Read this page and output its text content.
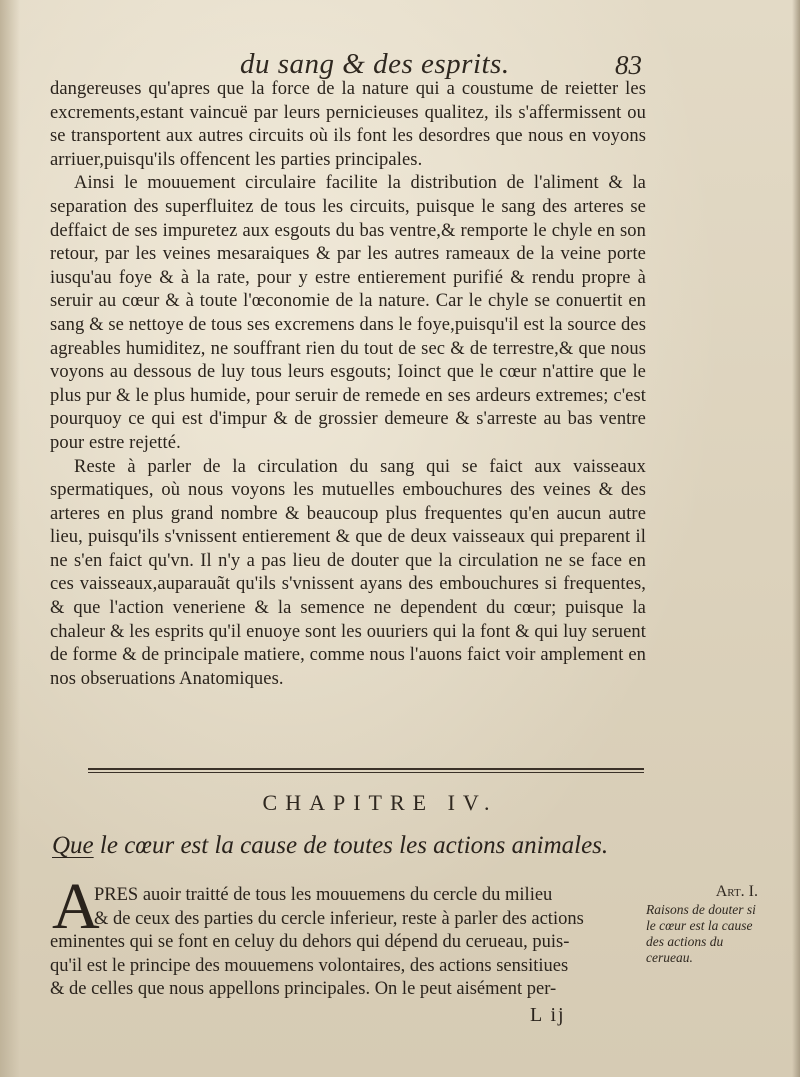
du sang & des esprits.	83

dangereuses qu'apres que la force de la nature qui a coustume de reietter les excrements,estant vaincuë par leurs pernicieuses qualitez, ils s'affermissent ou se transportent aux autres circuits où ils font les desordres que nous en voyons arriuer,puisqu'ils offencent les parties principales.

Ainsi le mouuement circulaire facilite la distribution de l'aliment & la separation des superfluitez de tous les circuits, puisque le sang des arteres se deffaict de ses impuretez aux esgouts du bas ventre,& remporte le chyle en son retour, par les veines mesaraiques & par les autres rameaux de la veine porte iusqu'au foye & à la rate, pour y estre entierement purifié & rendu propre à seruir au cœur & à toute l'œconomie de la nature. Car le chyle se conuertit en sang & se nettoye de tous ses excremens dans le foye,puisqu'il est la source des agreables humiditez, ne souffrant rien du tout de sec & de terrestre,& que nous voyons au dessous de luy tous leurs esgouts; Ioinct que le cœur n'attire que le plus pur & le plus humide, pour seruir de remede en ses ardeurs extremes; c'est pourquoy ce qui est d'impur & de grossier demeure & s'arreste au bas ventre pour estre rejetté.

Reste à parler de la circulation du sang qui se faict aux vaisseaux spermatiques, où nous voyons les mutuelles embouchures des veines & des arteres en plus grand nombre & beaucoup plus frequentes qu'en aucun autre lieu, puisqu'ils s'vnissent entierement & que de deux vaisseaux qui preparent il ne s'en faict qu'vn. Il n'y a pas lieu de douter que la circulation ne se face en ces vaisseaux,auparauãt qu'ils s'vnissent ayans des embouchures si frequentes, & que l'action veneriene & la semence ne dependent du cœur; puisque la chaleur & les esprits qu'il enuoye sont les ouuriers qui la font & qui luy seruent de forme & de principale matiere, comme nous l'auons faict voir amplement en nos obseruations Anatomiques.

CHAPITRE IV.
Que le cœur est la cause de toutes les actions animales.
A
PRES auoir traitté de tous les mouuemens du cercle du milieu
& de ceux des parties du cercle inferieur, reste à parler des actions
eminentes qui se font en celuy du dehors qui dépend du cerueau, puis-
qu'il est le principe des mouuemens volontaires, des actions sensitiues
& de celles que nous appellons principales. On le peut aisément per-
Art. I.
Raisons de douter si le cœur est la cause des actions du cerueau.
L ij
